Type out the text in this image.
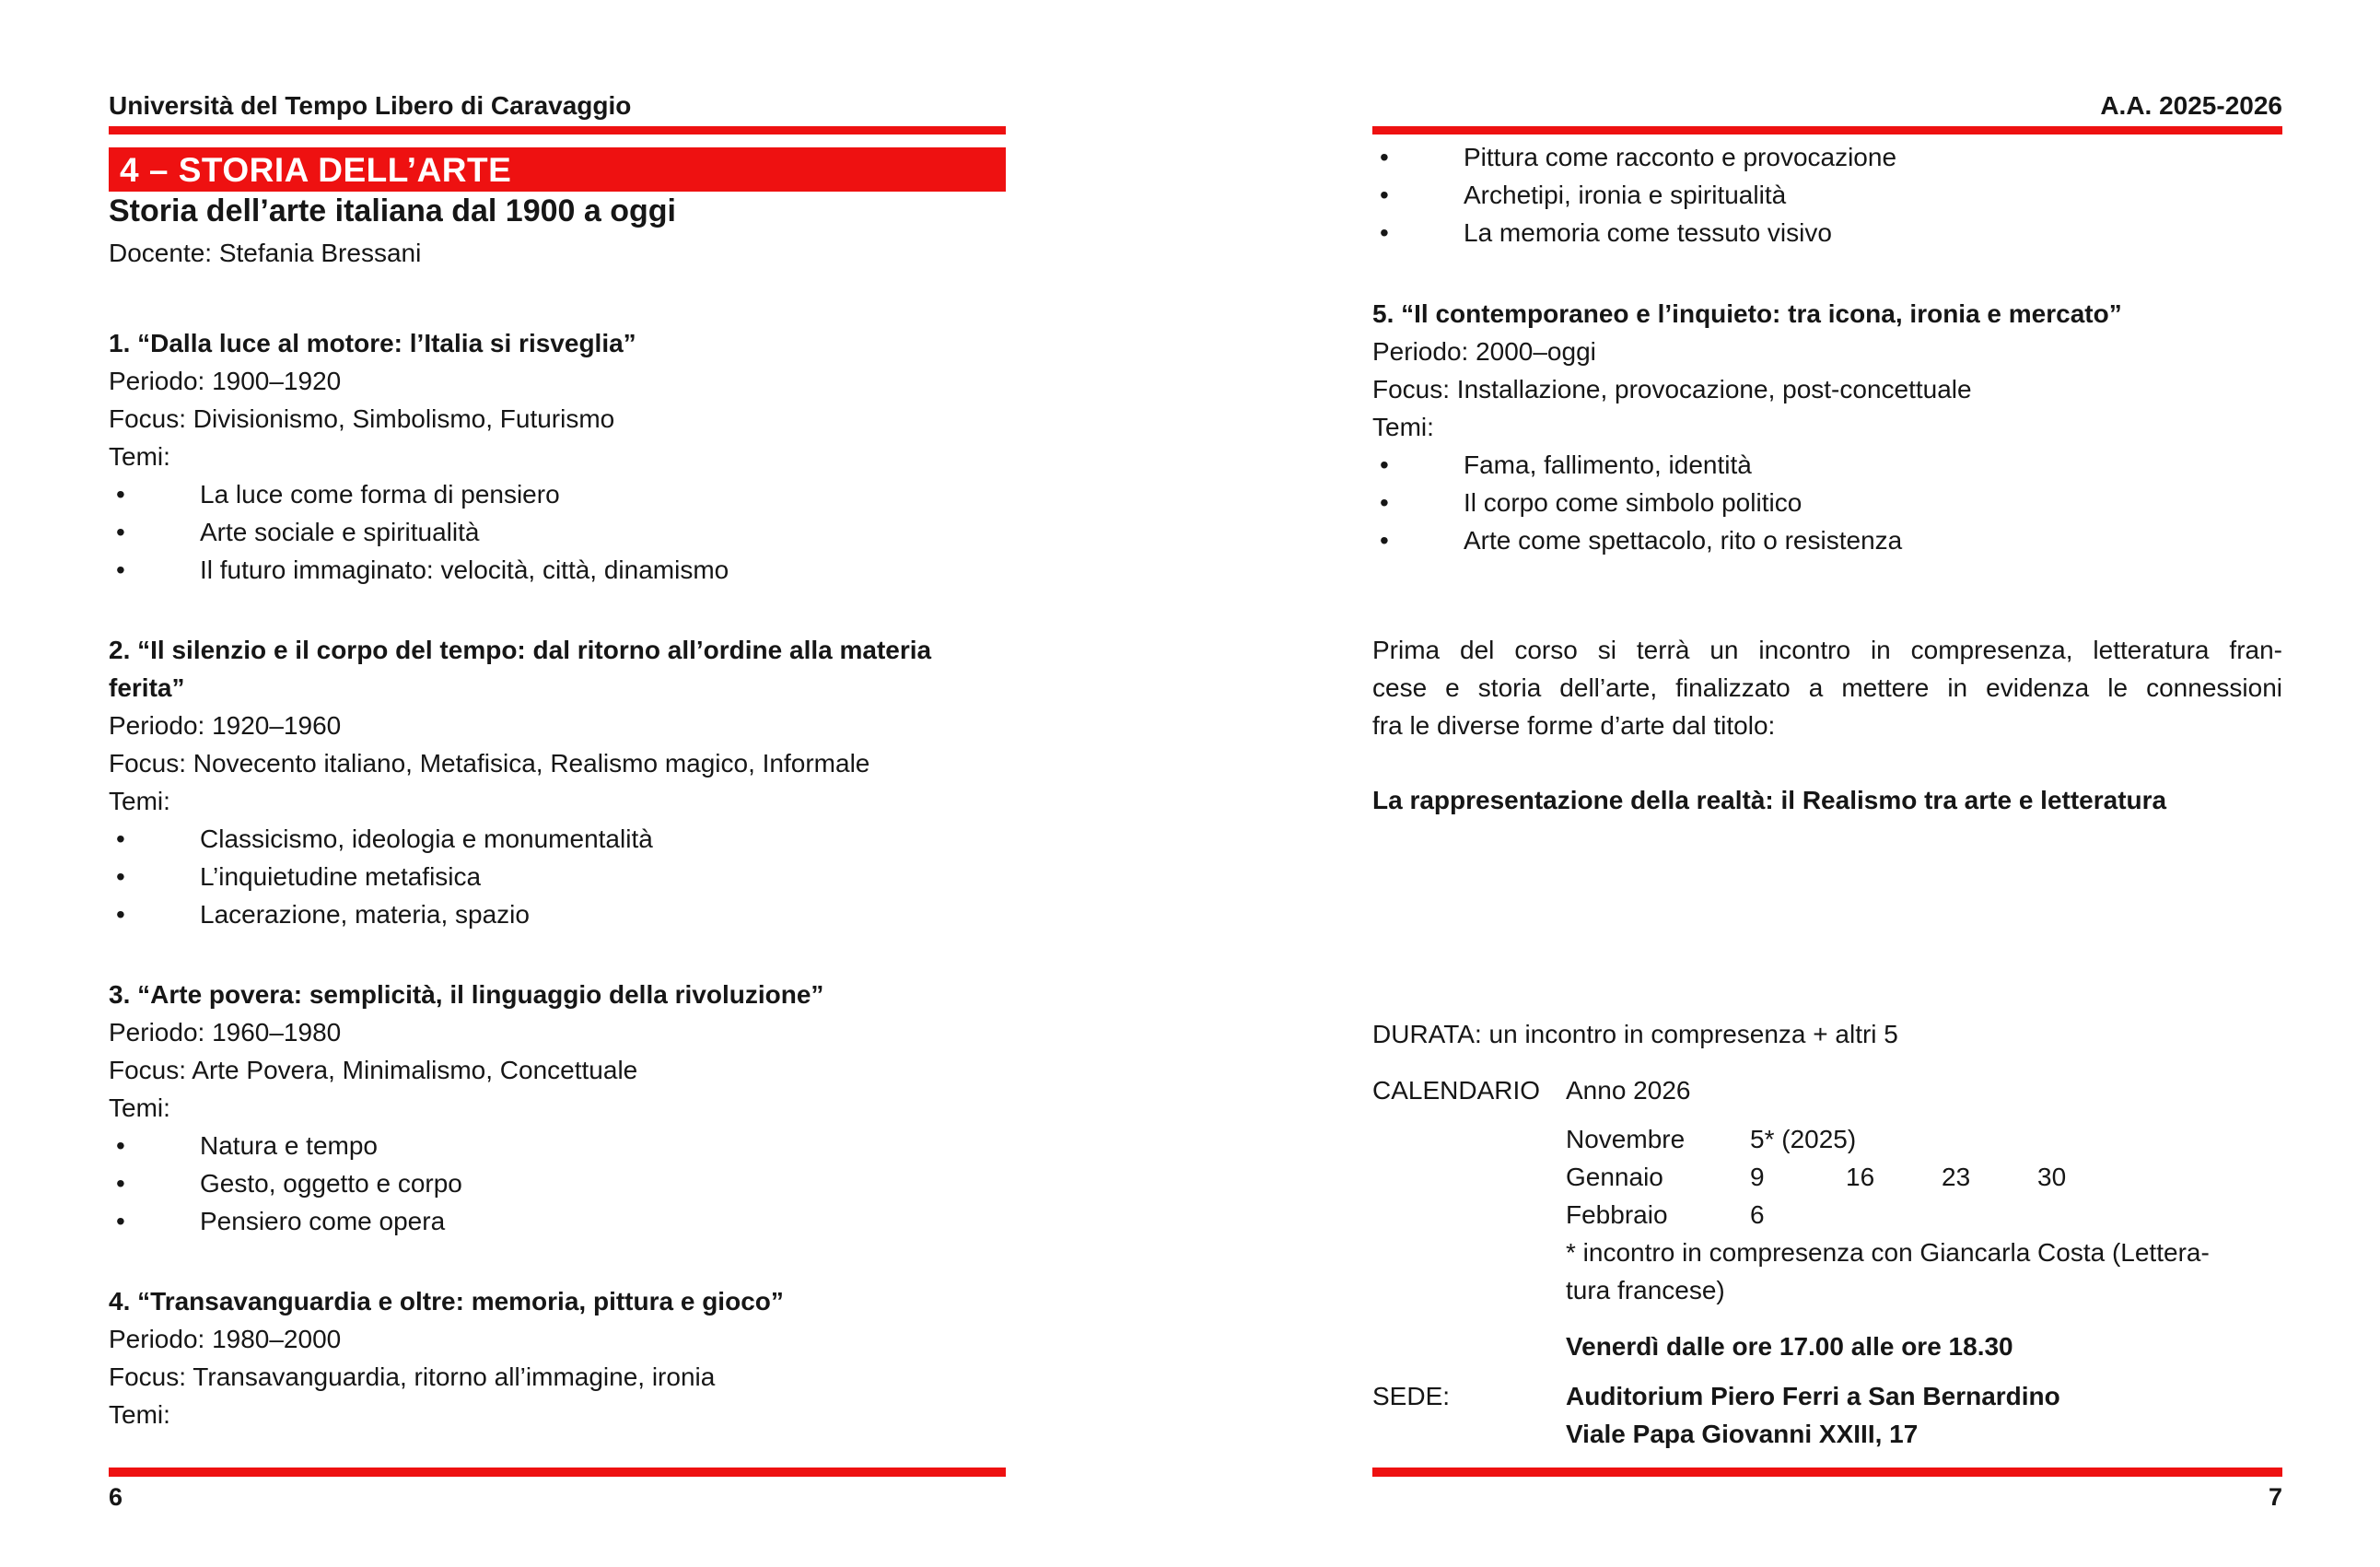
Università del Tempo Libero di Caravaggio
4 – STORIA DELL’ARTE
Storia dell’arte italiana dal 1900 a oggi
Docente: Stefania Bressani
1. “Dalla luce al motore: l’Italia si risveglia”
Periodo: 1900–1920
Focus: Divisionismo, Simbolismo, Futurismo
Temi:
•	La luce come forma di pensiero
•	Arte sociale e spiritualità
•	Il futuro immaginato: velocità, città, dinamismo
2. “Il silenzio e il corpo del tempo: dal ritorno all’ordine alla materia ferita”
Periodo: 1920–1960
Focus: Novecento italiano, Metafisica, Realismo magico, Informale
Temi:
•	Classicismo, ideologia e monumentalità
•	L’inquietudine metafisica
•	Lacerazione, materia, spazio
3. “Arte povera: semplicità, il linguaggio della rivoluzione”
Periodo: 1960–1980
Focus: Arte Povera, Minimalismo, Concettuale
Temi:
•	Natura e tempo
•	Gesto, oggetto e corpo
•	Pensiero come opera
4. “Transavanguardia e oltre: memoria, pittura e gioco”
Periodo: 1980–2000
Focus: Transavanguardia, ritorno all’immagine, ironia
Temi:
6
A.A. 2025-2026
•	Pittura come racconto e provocazione
•	Archetipi, ironia e spiritualità
•	La memoria come tessuto visivo
5. “Il contemporaneo e l’inquieto: tra icona, ironia e mercato”
Periodo: 2000–oggi
Focus: Installazione, provocazione, post-concettuale
Temi:
•	Fama, fallimento, identità
•	Il corpo come simbolo politico
•	Arte come spettacolo, rito o resistenza
Prima del corso si terrà un incontro in compresenza, letteratura fran-
cese e storia dell’arte, finalizzato a mettere in evidenza le connessioni
fra le diverse forme d’arte dal titolo:
La rappresentazione della realtà: il Realismo tra arte e letteratura
DURATA: un incontro in compresenza + altri 5
CALENDARIO Anno 2026
Novembre	5* (2025)
Gennaio	9	16	23	30
Febbraio	6
* incontro in compresenza con Giancarla Costa (Lettera-
tura francese)
Venerdì dalle ore 17.00 alle ore 18.30
SEDE:	Auditorium Piero Ferri a San Bernardino
Viale Papa Giovanni XXIII, 17
7
